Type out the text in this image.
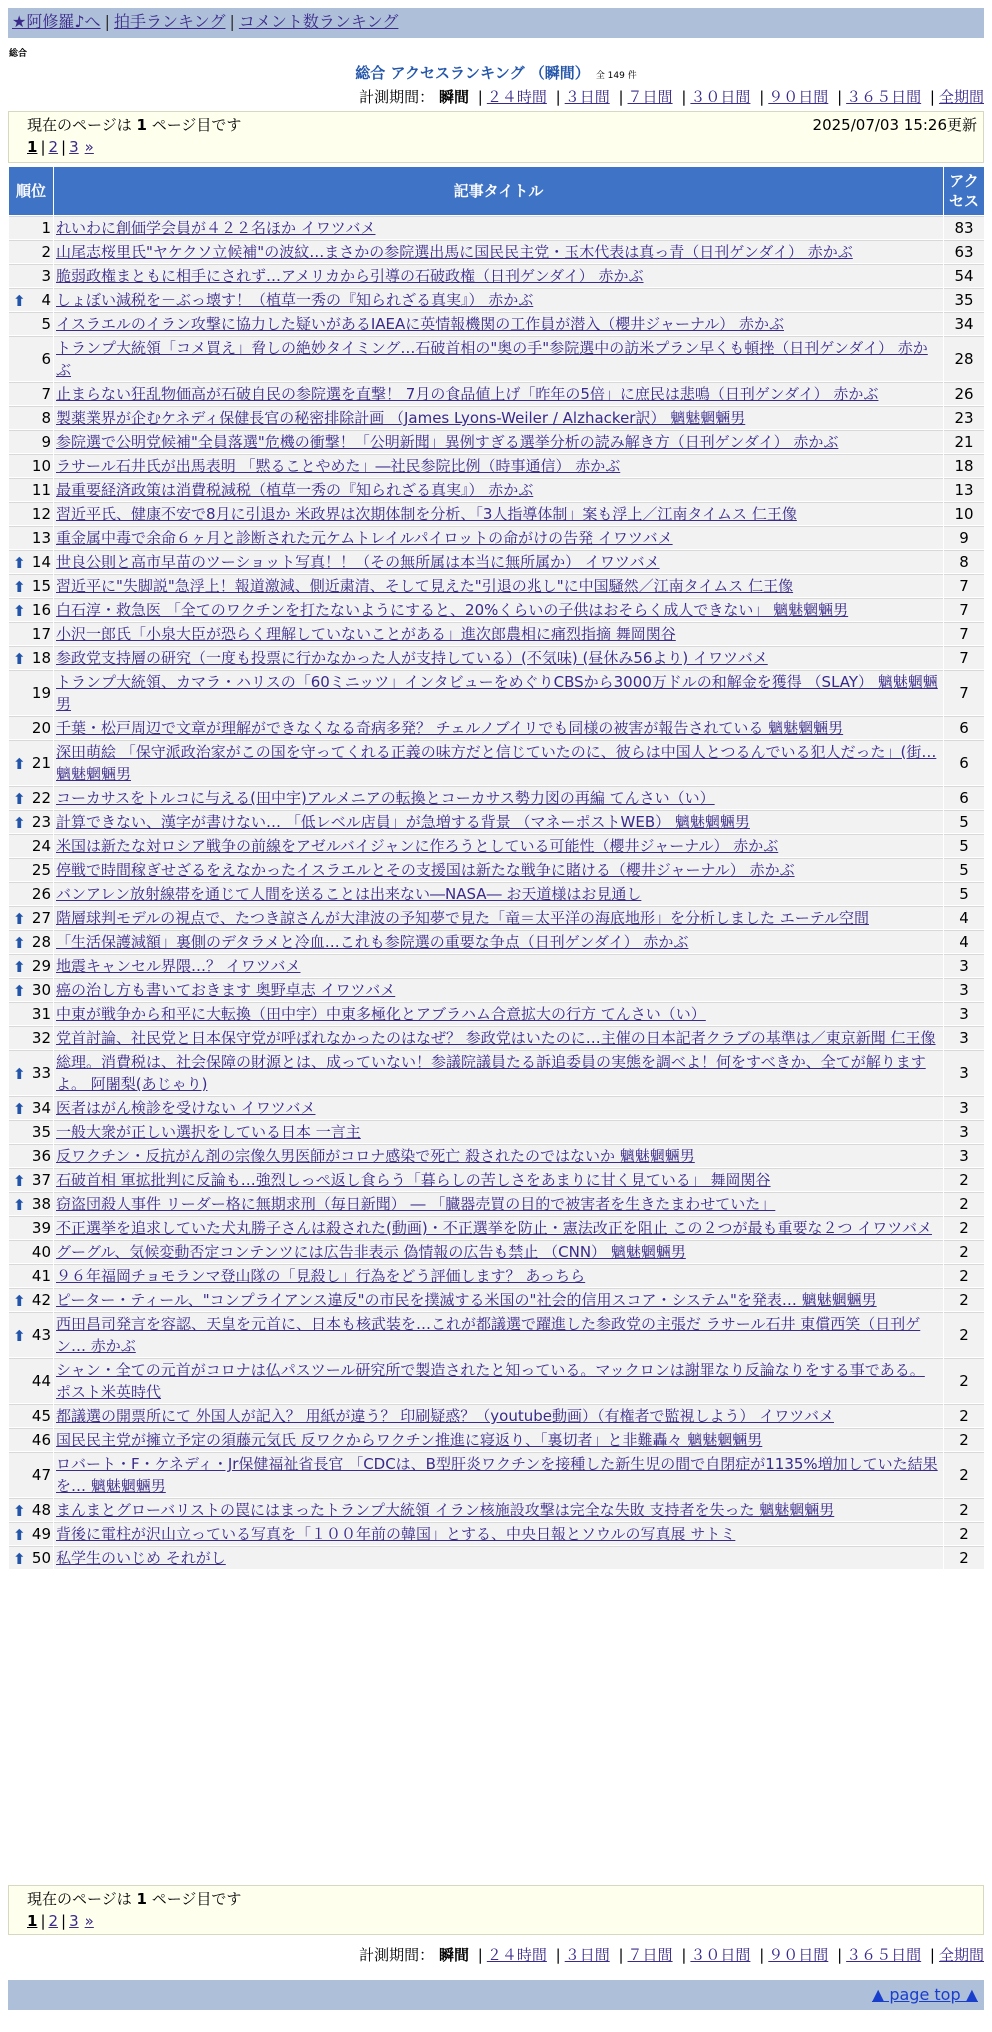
★阿修羅♪へ | 拍手ランキング | コメント数ランキング
総合
総合 アクセスランキング （瞬間） 全 149 件
計測期間： 瞬間 | ２４時間 | ３日間 | ７日間 | ３０日間 | ９０日間 | ３６５日間 | 全期間
現在のページは 1 ページ目です	2025/07/03 15:26更新
1 | 2 | 3 »
順位	記事タイトル	アクセス
1	れいわに創価学会員が４２２名ほか イワツバメ	83
2	山尾志桜里氏"ヤケクソ立候補"の波紋…まさかの参院選出馬に国民民主党・玉木代表は真っ青（日刊ゲンダイ） 赤かぶ	63
3	脆弱政権まともに相手にされず…アメリカから引導の石破政権（日刊ゲンダイ） 赤かぶ	54

⬆ 4	しょぼい減税を－ぶっ壊す！（植草一秀の『知られざる真実』） 赤かぶ	35
5	イスラエルのイラン攻撃に協力した疑いがあるIAEAに英情報機関の工作員が潜入（櫻井ジャーナル） 赤かぶ	34
6	トランプ大統領「コメ買え」脅しの絶妙タイミング…石破首相の"奥の手"参院選中の訪米プラン早くも頓挫（日刊ゲンダイ） 赤かぶ	28
7	止まらない狂乱物価高が石破自民の参院選を直撃！ 7月の食品値上げ「昨年の5倍」に庶民は悲鳴（日刊ゲンダイ） 赤かぶ	26
8	製薬業界が企むケネディ保健長官の秘密排除計画 （James Lyons-Weiler / Alzhacker訳） 魑魅魍魎男	23
9	参院選で公明党候補"全員落選"危機の衝撃！「公明新聞」異例すぎる選挙分析の読み解き方（日刊ゲンダイ） 赤かぶ	21
10	ラサール石井氏が出馬表明 「黙ることやめた」―社民参院比例（時事通信） 赤かぶ	18
11	最重要経済政策は消費税減税（植草一秀の『知られざる真実』） 赤かぶ	13
12	習近平氏、健康不安で8月に引退か 米政界は次期体制を分析、「3人指導体制」案も浮上／江南タイムス 仁王像	10
13	重金属中毒で余命６ヶ月と診断された元ケムトレイルパイロットの命がけの告発 イワツバメ	9

⬆ 14	世良公則と高市早苗のツーショット写真！！（その無所属は本当に無所属か） イワツバメ	8

⬆ 15	習近平に"失脚説"急浮上！報道激減、側近粛清、そして見えた"引退の兆し"に中国騒然／江南タイムス 仁王像	7

⬆ 16	白石淳・救急医 「全てのワクチンを打たないようにすると、20%くらいの子供はおそらく成人できない」 魑魅魍魎男	7
17	小沢一郎氏「小泉大臣が恐らく理解していないことがある」進次郎農相に痛烈指摘 舞岡関谷	7

⬆ 18	参政党支持層の研究（一度も投票に行かなかった人が支持している）(不気味) (昼休み56より) イワツバメ	7
19	トランプ大統領、カマラ・ハリスの「60ミニッツ」インタビューをめぐりCBSから3000万ドルの和解金を獲得 （SLAY） 魑魅魍魎男	7
20	千葉・松戸周辺で文章が理解ができなくなる奇病多発？ チェルノブイリでも同様の被害が報告されている 魑魅魍魎男	6

⬆ 21	深田萌絵 「保守派政治家がこの国を守ってくれる正義の味方だと信じていたのに、彼らは中国人とつるんでいる犯人だった」(街… 魑魅魍魎男	6

⬆ 22	コーカサスをトルコに与える(田中宇)アルメニアの転換とコーカサス勢力図の再編 てんさい（い）	6

⬆ 23	計算できない、漢字が書けない… 「低レベル店員」が急増する背景 （マネーポストWEB） 魑魅魍魎男	5
24	米国は新たな対ロシア戦争の前線をアゼルバイジャンに作ろうとしている可能性（櫻井ジャーナル） 赤かぶ	5
25	停戦で時間稼ぎせざるをえなかったイスラエルとその支援国は新たな戦争に賭ける（櫻井ジャーナル） 赤かぶ	5
26	バンアレン放射線帯を通じて人間を送ることは出来ない―NASA― お天道様はお見通し	5

⬆ 27	階層球判モデルの視点で、たつき諒さんが大津波の予知夢で見た「竜＝太平洋の海底地形」を分析しました エーテル空間	4

⬆ 28	「生活保護減額」裏側のデタラメと冷血…これも参院選の重要な争点（日刊ゲンダイ） 赤かぶ	4

⬆ 29	地震キャンセル界隈…？ イワツバメ	3

⬆ 30	癌の治し方も書いておきます 奥野卓志 イワツバメ	3
31	中東が戦争から和平に大転換（田中宇）中東多極化とアブラハム合意拡大の行方 てんさい（い）	3
32	党首討論、社民党と日本保守党が呼ばれなかったのはなぜ？ 参政党はいたのに…主催の日本記者クラブの基準は／東京新聞 仁王像	3

⬆ 33	総理。消費税は、社会保障の財源とは、成っていない！参議院議員たる訴追委員の実態を調べよ！何をすべきか、全てが解りますよ。 阿闍梨(あじゃり)	3

⬆ 34	医者はがん検診を受けない イワツバメ	3
35	一般大衆が正しい選択をしている日本 一言主	3
36	反ワクチン・反抗がん剤の宗像久男医師がコロナ感染で死亡 殺されたのではないか 魑魅魍魎男	3

⬆ 37	石破首相 軍拡批判に反論も…強烈しっぺ返し食らう「暮らしの苦しさをあまりに甘く見ている」 舞岡関谷	2

⬆ 38	窃盗団殺人事件 リーダー格に無期求刑（毎日新聞） ― 「臓器売買の目的で被害者を生きたまわせていた」	2
39	不正選挙を追求していた犬丸勝子さんは殺された(動画)・不正選挙を防止・憲法改正を阻止 この２つが最も重要な２つ イワツバメ	2
40	グーグル、気候変動否定コンテンツには広告非表示 偽情報の広告も禁止 （CNN） 魑魅魍魎男	2
41	９６年福岡チョモランマ登山隊の「見殺し」行為をどう評価します？ あっちら	2

⬆ 42	ピーター・ティール、"コンプライアンス違反"の市民を撲滅する米国の"社会的信用スコア・システム"を発表… 魑魅魍魎男	2

⬆ 43	西田昌司発言を容認、天皇を元首に、日本も核武装を…これが都議選で躍進した参政党の主張だ ラサール石井 東償西笑（日刊ゲン… 赤かぶ	2
44	シャン・全ての元首がコロナは仏パスツール研究所で製造されたと知っている。マックロンは謝罪なり反論なりをする事である。 ポスト米英時代	2
45	都議選の開票所にて 外国人が記入？ 用紙が違う？ 印刷疑惑？（youtube動画）（有権者で監視しよう） イワツバメ	2
46	国民民主党が擁立予定の須藤元気氏 反ワクからワクチン推進に寝返り、「裏切者」と非難轟々 魑魅魍魎男	2
47	ロバート・F・ケネディ・Jr保健福祉省長官 「CDCは、B型肝炎ワクチンを接種した新生児の間で自閉症が1135%増加していた結果を… 魑魅魍魎男	2

⬆ 48	まんまとグローバリストの罠にはまったトランプ大統領 イラン核施設攻撃は完全な失敗 支持者を失った 魑魅魍魎男	2

⬆ 49	背後に電柱が沢山立っている写真を「１００年前の韓国」とする、中央日報とソウルの写真展 サトミ	2

⬆ 50	私学生のいじめ それがし	2
現在のページは 1 ページ目です
1 | 2 | 3 »
計測期間： 瞬間 | ２４時間 | ３日間 | ７日間 | ３０日間 | ９０日間 | ３６５日間 | 全期間
▲ page top ▲
